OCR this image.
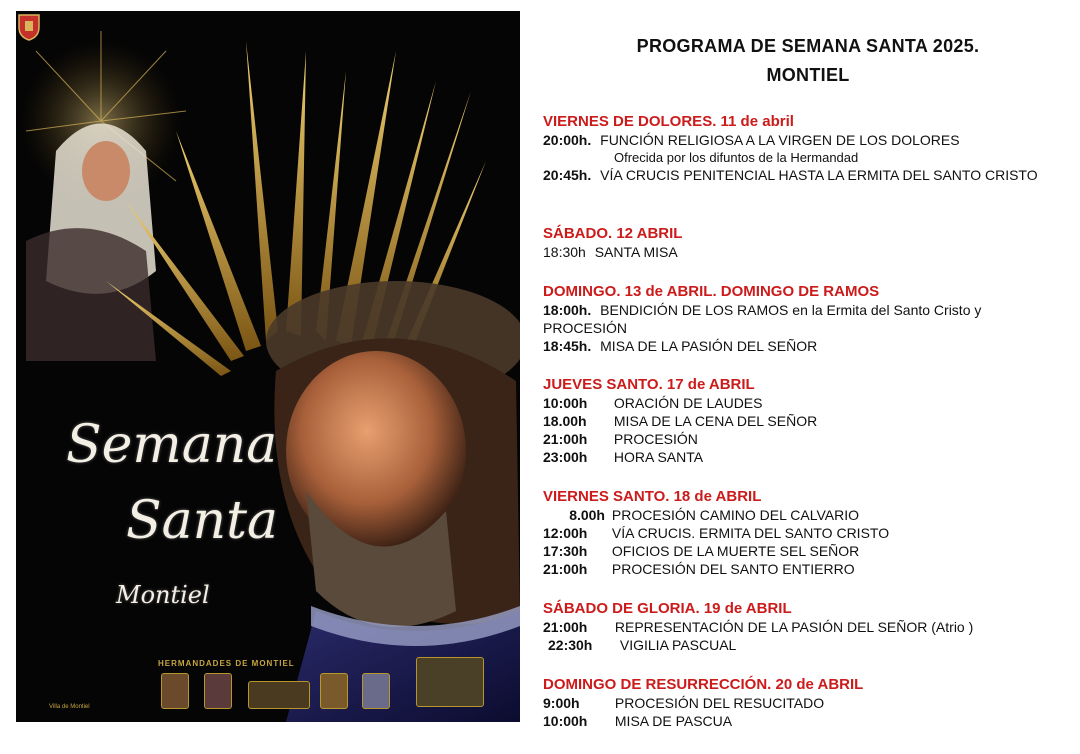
Semana
Santa
Montiel
HERMANDADES DE MONTIEL
Villa de Montiel
PROGRAMA DE SEMANA SANTA 2025.
MONTIEL
VIERNES DE DOLORES. 11 de abril
20:00h. FUNCIÓN RELIGIOSA A LA VIRGEN DE LOS DOLORES
Ofrecida por los difuntos de la Hermandad
20:45h. VÍA CRUCIS PENITENCIAL HASTA LA ERMITA DEL SANTO CRISTO
SÁBADO. 12 ABRIL
18:30h SANTA MISA
DOMINGO. 13 de ABRIL. DOMINGO DE RAMOS
18:00h. BENDICIÓN DE LOS RAMOS en la Ermita del Santo Cristo y PROCESIÓN
18:45h. MISA DE LA PASIÓN DEL SEÑOR
JUEVES SANTO. 17 de ABRIL
10:00h ORACIÓN DE LAUDES
18.00h MISA DE LA CENA DEL SEÑOR
21:00h PROCESIÓN
23:00h HORA SANTA
VIERNES SANTO. 18 de ABRIL
8.00h PROCESIÓN CAMINO DEL CALVARIO
12:00h VÍA CRUCIS. ERMITA DEL SANTO CRISTO
17:30h OFICIOS DE LA MUERTE SEL SEÑOR
21:00h PROCESIÓN DEL SANTO ENTIERRO
SÁBADO DE GLORIA. 19 de ABRIL
21:00h REPRESENTACIÓN DE LA PASIÓN DEL SEÑOR (Atrio )
22:30h VIGILIA PASCUAL
DOMINGO DE RESURRECCIÓN. 20 de ABRIL
9:00h	PROCESIÓN DEL RESUCITADO
10:00h MISA DE PASCUA
